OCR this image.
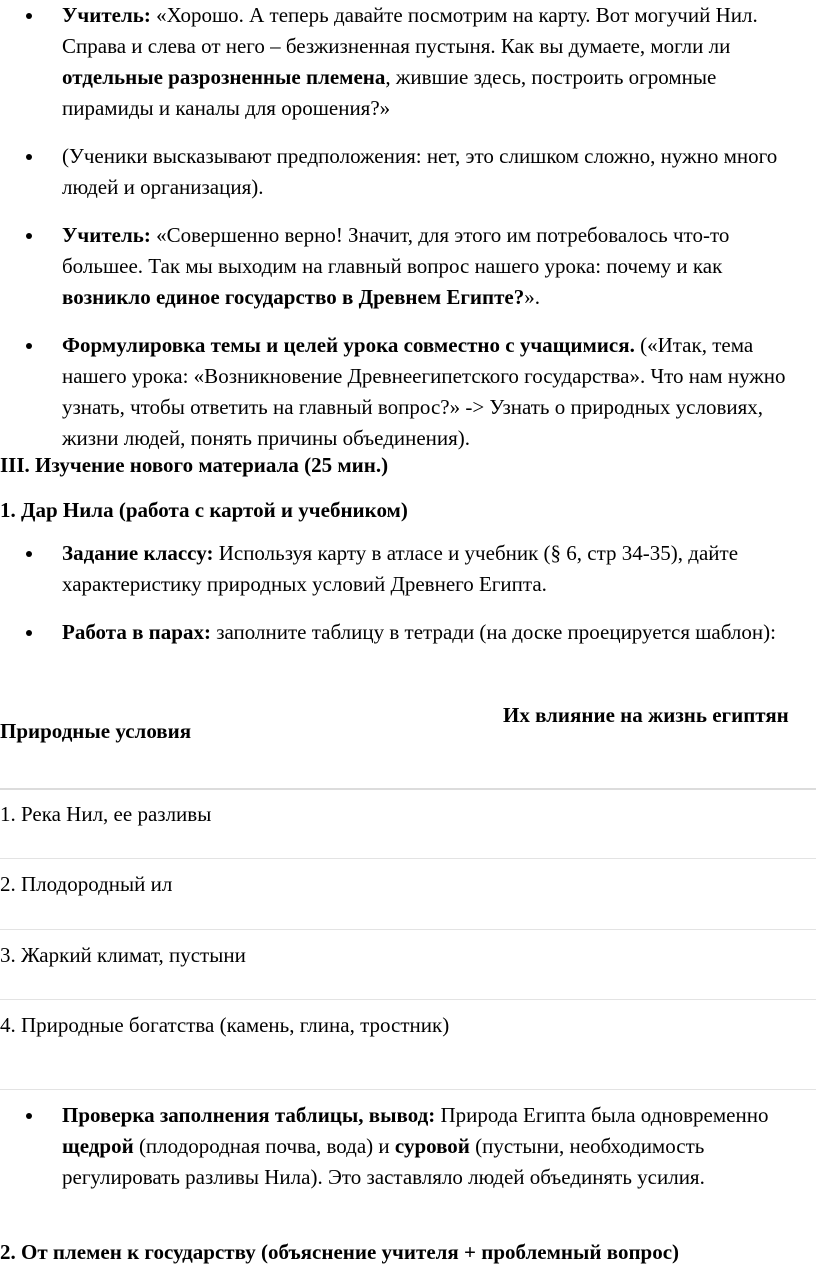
Учитель: «Хорошо. А теперь давайте посмотрим на карту. Вот могучий Нил. Справа и слева от него – безжизненная пустыня. Как вы думаете, могли ли отдельные разрозненные племена, жившие здесь, построить огромные пирамиды и каналы для орошения?»
(Ученики высказывают предположения: нет, это слишком сложно, нужно много людей и организация).
Учитель: «Совершенно верно! Значит, для этого им потребовалось что-то большее. Так мы выходим на главный вопрос нашего урока: почему и как возникло единое государство в Древнем Египте?».
Формулировка темы и целей урока совместно с учащимися. («Итак, тема нашего урока: «Возникновение Древнеегипетского государства». Что нам нужно узнать, чтобы ответить на главный вопрос?» -> Узнать о природных условиях, жизни людей, понять причины объединения).
III. Изучение нового материала (25 мин.)
1. Дар Нила (работа с картой и учебником)
Задание классу: Используя карту в атласе и учебник (§ 6, стр 34-35), дайте характеристику природных условий Древнего Египта.
Работа в парах: заполните таблицу в тетради (на доске проецируется шаблон):
Природные условия
Их влияние на жизнь египтян
1. Река Нил, ее разливы
2. Плодородный ил
3. Жаркий климат, пустыни
4. Природные богатства (камень, глина, тростник)
Проверка заполнения таблицы, вывод: Природа Египта была одновременно щедрой (плодородная почва, вода) и суровой (пустыни, необходимость регулировать разливы Нила). Это заставляло людей объединять усилия.
2. От племен к государству (объяснение учителя + проблемный вопрос)
